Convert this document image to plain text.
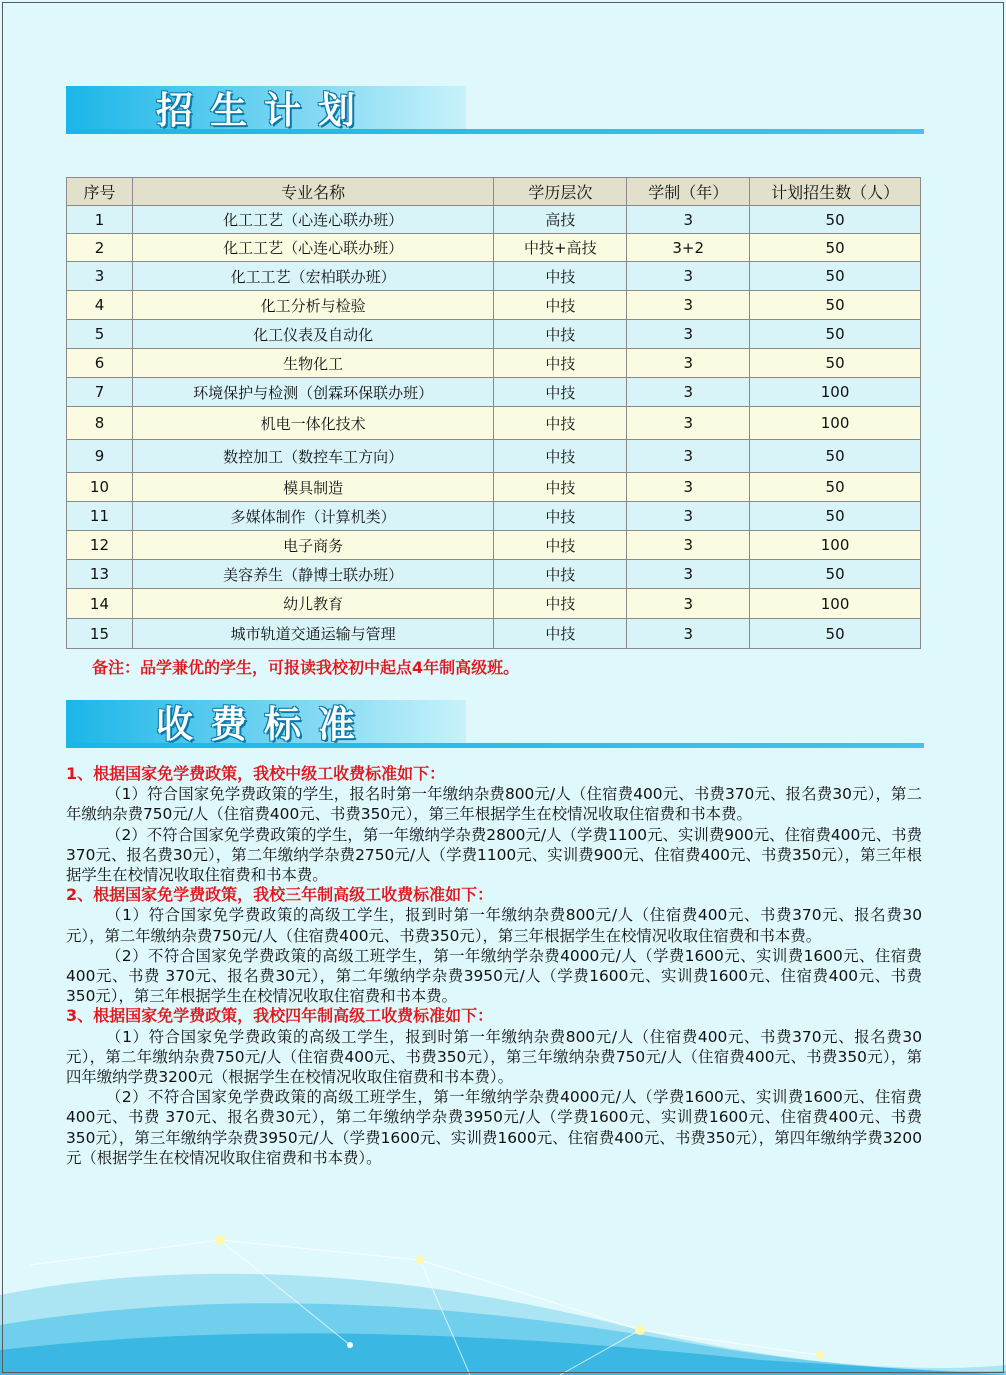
招生计划
序号	专业名称	学历层次	学制（年）	计划招生数（人）
1	化工工艺（心连心联办班）	高技	3	50
2	化工工艺（心连心联办班）	中技+高技	3+2	50
3	化工工艺（宏柏联办班）	中技	3	50
4	化工分析与检验	中技	3	50
5	化工仪表及自动化	中技	3	50
6	生物化工	中技	3	50
7	环境保护与检测（创霖环保联办班）	中技	3	100
8	机电一体化技术	中技	3	100
9	数控加工（数控车工方向）	中技	3	50
10	模具制造	中技	3	50
11	多媒体制作（计算机类）	中技	3	50
12	电子商务	中技	3	100
13	美容养生（静博士联办班）	中技	3	50
14	幼儿教育	中技	3	100
15	城市轨道交通运输与管理	中技	3	50
备注：品学兼优的学生，可报读我校初中起点4年制高级班。
收费标准
1、根据国家免学费政策，我校中级工收费标准如下：

（1）符合国家免学费政策的学生，报名时第一年缴纳杂费800元/人（住宿费400元、书费370元、报名费30元），第二年缴纳杂费750元/人（住宿费400元、书费350元），第三年根据学生在校情况收取住宿费和书本费。

（2）不符合国家免学费政策的学生，第一年缴纳学杂费2800元/人（学费1100元、实训费900元、住宿费400元、书费 370元、报名费30元），第二年缴纳学杂费2750元/人（学费1100元、实训费900元、住宿费400元、书费350元），第三年根据学生在校情况收取住宿费和书本费。

2、根据国家免学费政策，我校三年制高级工收费标准如下：

（1）符合国家免学费政策的高级工学生，报到时第一年缴纳杂费800元/人（住宿费400元、书费370元、报名费30元），第二年缴纳杂费750元/人（住宿费400元、书费350元），第三年根据学生在校情况收取住宿费和书本费。

（2）不符合国家免学费政策的高级工班学生，第一年缴纳学杂费4000元/人（学费1600元、实训费1600元、住宿费400元、书费 370元、报名费30元），第二年缴纳学杂费3950元/人（学费1600元、实训费1600元、住宿费400元、书费350元），第三年根据学生在校情况收取住宿费和书本费。

3、根据国家免学费政策，我校四年制高级工收费标准如下：

（1）符合国家免学费政策的高级工学生，报到时第一年缴纳杂费800元/人（住宿费400元、书费370元、报名费30元），第二年缴纳杂费750元/人（住宿费400元、书费350元），第三年缴纳杂费750元/人（住宿费400元、书费350元），第四年缴纳学费3200元（根据学生在校情况收取住宿费和书本费）。

（2）不符合国家免学费政策的高级工班学生，第一年缴纳学杂费4000元/人（学费1600元、实训费1600元、住宿费400元、书费 370元、报名费30元），第二年缴纳学杂费3950元/人（学费1600元、实训费1600元、住宿费400元、书费350元），第三年缴纳学杂费3950元/人（学费1600元、实训费1600元、住宿费400元、书费350元），第四年缴纳学费3200元（根据学生在校情况收取住宿费和书本费）。
